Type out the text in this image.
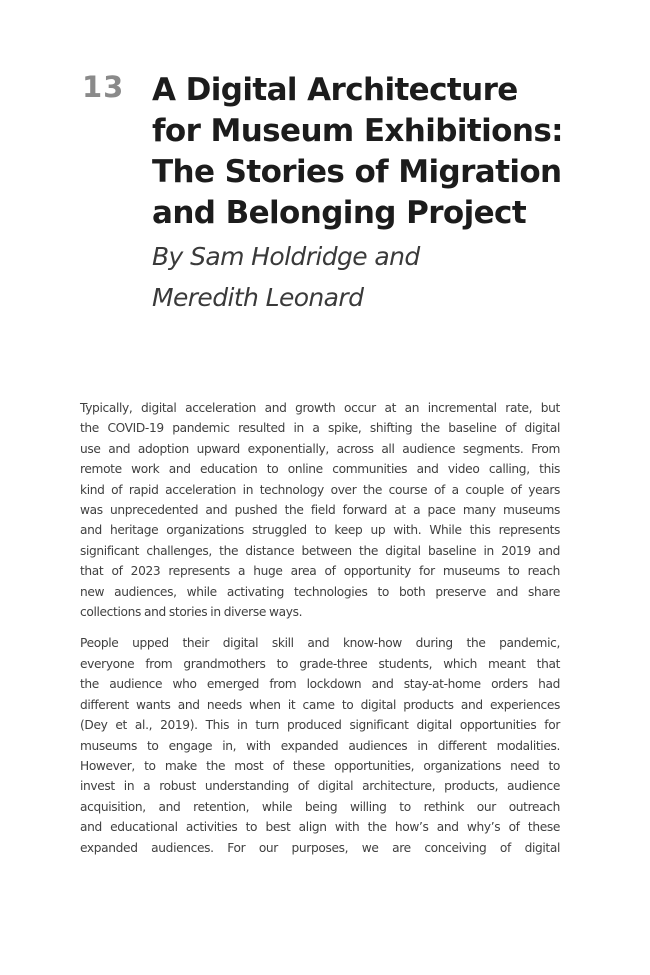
13 A Digital Architecture
for Museum Exhibitions:
The Stories of Migration
and Belonging Project
By Sam Holdridge and
Meredith Leonard
Typically, digital acceleration and growth occur at an incremental rate, but
the COVID-19 pandemic resulted in a spike, shifting the baseline of digital
use and adoption upward exponentially, across all audience segments. From
remote work and education to online communities and video calling, this
kind of rapid acceleration in technology over the course of a couple of years
was unprecedented and pushed the field forward at a pace many museums
and heritage organizations struggled to keep up with. While this represents
significant challenges, the distance between the digital baseline in 2019 and
that of 2023 represents a huge area of opportunity for museums to reach
new audiences, while activating technologies to both preserve and share
collections and stories in diverse ways.
People upped their digital skill and know-how during the pandemic,
everyone from grandmothers to grade-three students, which meant that
the audience who emerged from lockdown and stay-at-home orders had
different wants and needs when it came to digital products and experiences
(Dey et al., 2019). This in turn produced significant digital opportunities for
museums to engage in, with expanded audiences in different modalities.
However, to make the most of these opportunities, organizations need to
invest in a robust understanding of digital architecture, products, audience
acquisition, and retention, while being willing to rethink our outreach
and educational activities to best align with the how’s and why’s of these
expanded audiences. For our purposes, we are conceiving of digital
